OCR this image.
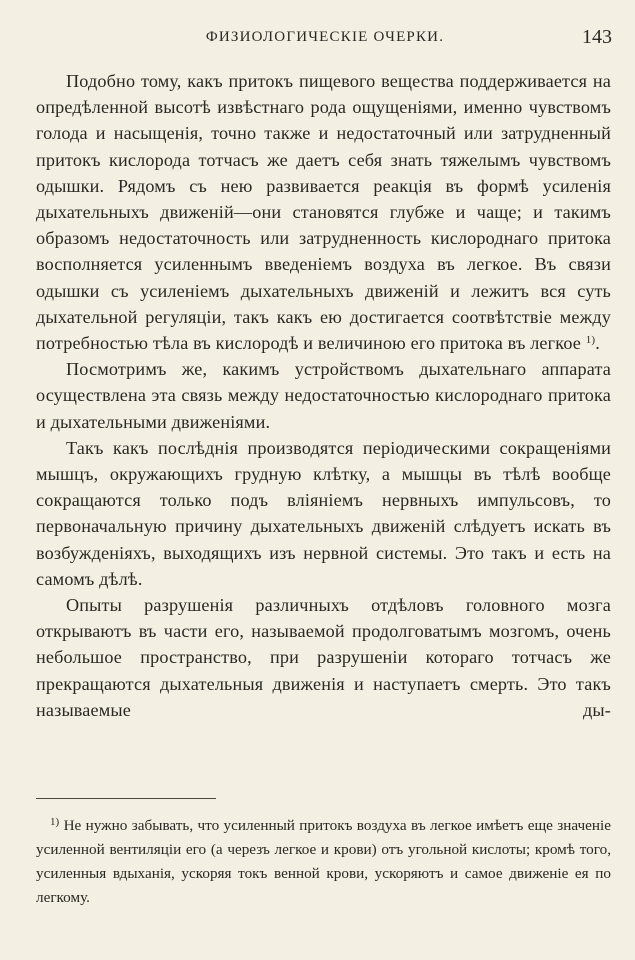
ФИЗИОЛОГИЧЕСКІЕ ОЧЕРКИ.	143

Подобно тому, какъ притокъ пищевого вещества поддерживается на опредѣленной высотѣ извѣстнаго рода ощущеніями, именно чувствомъ голода и насыщенія, точно также и недостаточный или затрудненный притокъ кислорода тотчасъ же даетъ себя знать тяжелымъ чувствомъ одышки. Рядомъ съ нею развивается реакція въ формѣ усиленія дыхательныхъ движеній—они становятся глубже и чаще; и такимъ образомъ недостаточность или затрудненность кислороднаго притока восполняется усиленнымъ введеніемъ воздуха въ легкое. Въ связи одышки съ усиленіемъ дыхательныхъ движеній и лежитъ вся суть дыхательной регуляціи, такъ какъ ею достигается соотвѣтствіе между потребностью тѣла въ кислородѣ и величиною его притока въ легкое $^{1)}$.

Посмотримъ же, какимъ устройствомъ дыхательнаго аппарата осуществлена эта связь между недостаточностью кислороднаго притока и дыхательными движеніями.

Такъ какъ послѣднія производятся періодическими сокращеніями мышцъ, окружающихъ грудную клѣтку, а мышцы въ тѣлѣ вообще сокращаются только подъ вліяніемъ нервныхъ импульсовъ, то первоначальную причину дыхательныхъ движеній слѣдуетъ искать въ возбужденіяхъ, выходящихъ изъ нервной системы. Это такъ и есть на самомъ дѣлѣ.

Опыты разрушенія различныхъ отдѣловъ головного мозга открываютъ въ части его, называемой продолговатымъ мозгомъ, очень небольшое пространство, при разрушеніи котораго тотчасъ же прекращаются дыхательныя движенія и наступаетъ смерть. Это такъ называемые ды-

$^{1)}$ Не нужно забывать, что усиленный притокъ воздуха въ легкое имѣетъ еще значеніе усиленной вентиляціи его (а черезъ легкое и крови) отъ угольной кислоты; кромѣ того, усиленныя вдыханія, ускоряя токъ венной крови, ускоряютъ и самое движеніе ея по легкому.
